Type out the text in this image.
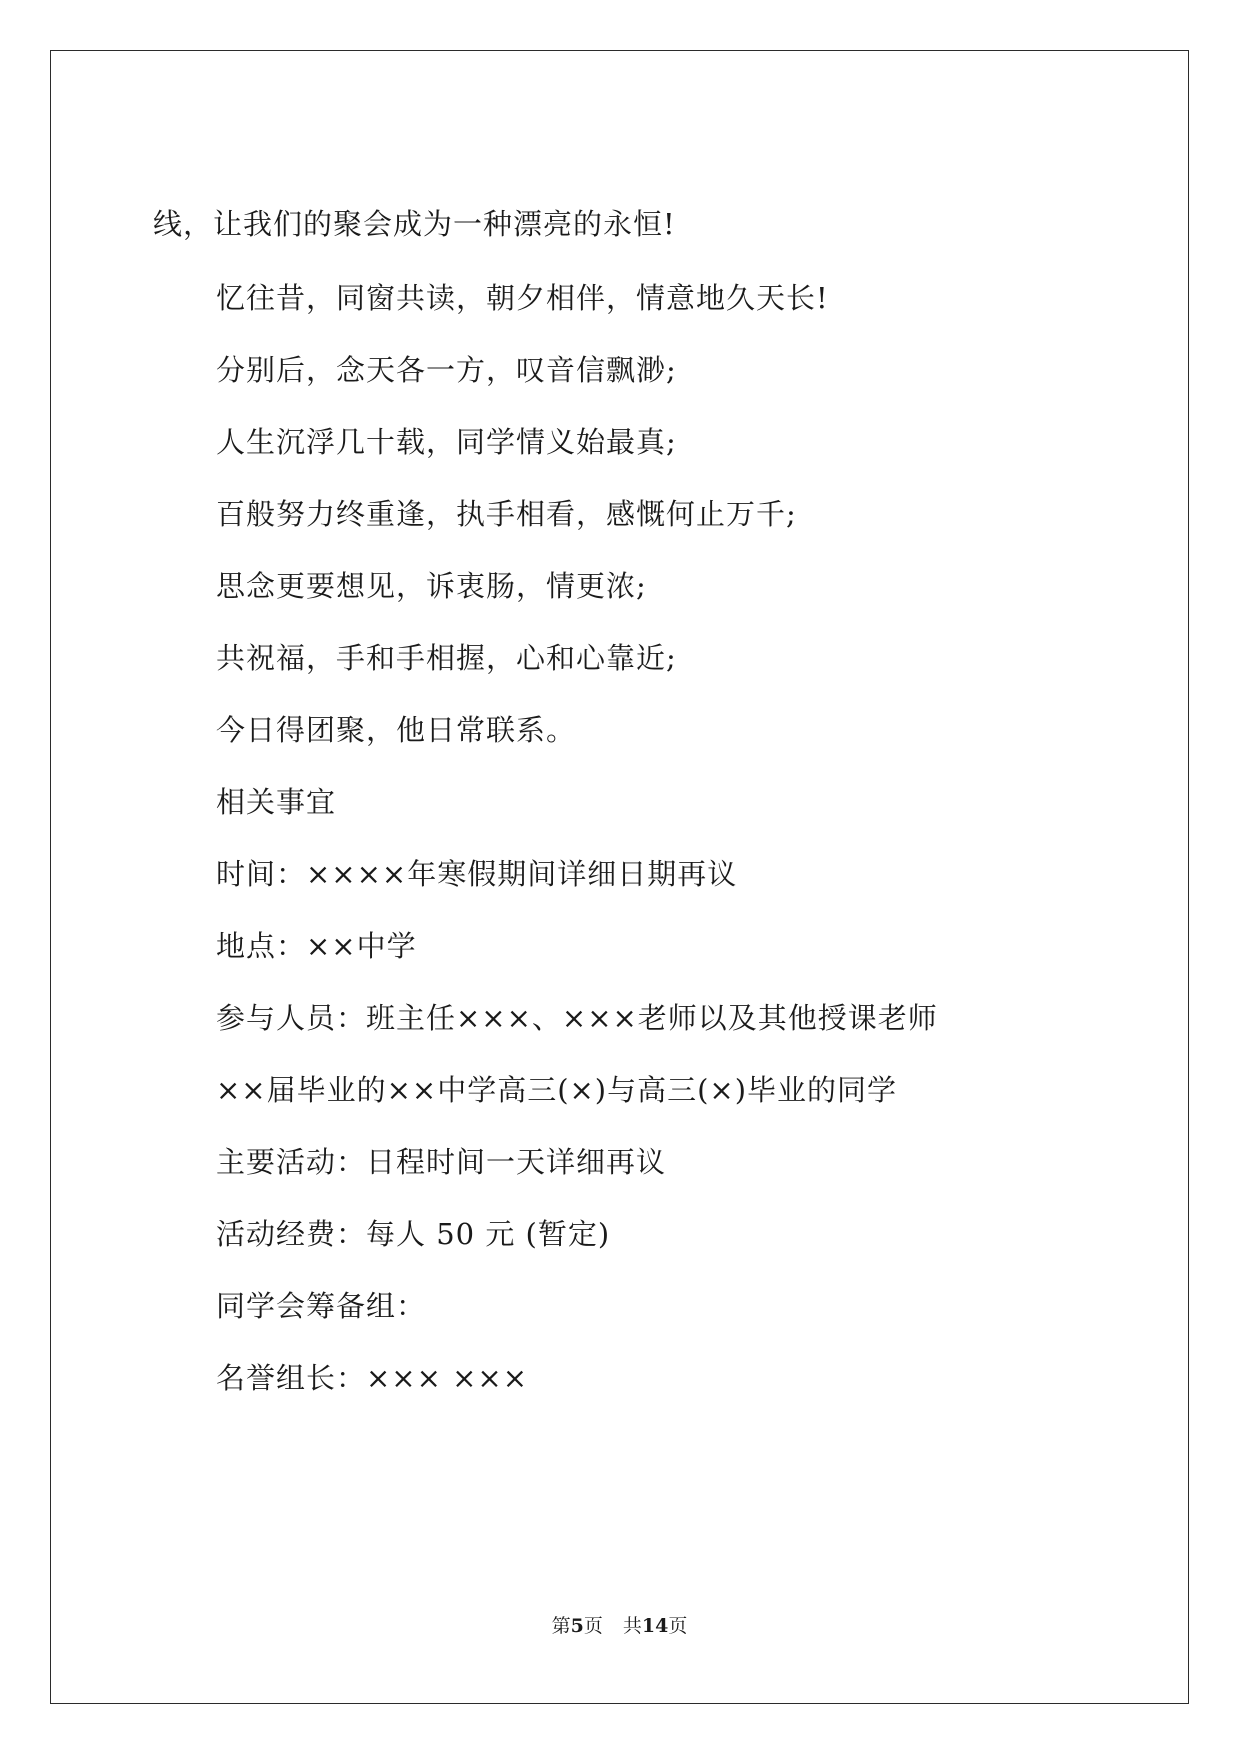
线，让我们的聚会成为一种漂亮的永恒!
忆往昔，同窗共读，朝夕相伴，情意地久天长!
分别后，念天各一方，叹音信飘渺;
人生沉浮几十载，同学情义始最真;
百般努力终重逢，执手相看，感慨何止万千;
思念更要想见，诉衷肠，情更浓;
共祝福，手和手相握，心和心靠近;
今日得团聚，他日常联系。
相关事宜
时间：××××年寒假期间详细日期再议
地点：××中学
参与人员：班主任×××、×××老师以及其他授课老师
××届毕业的××中学高三(×)与高三(×)毕业的同学
主要活动：日程时间一天详细再议
活动经费：每人 50 元 (暂定)
同学会筹备组：
名誉组长：××× ×××
第5页 共14页
